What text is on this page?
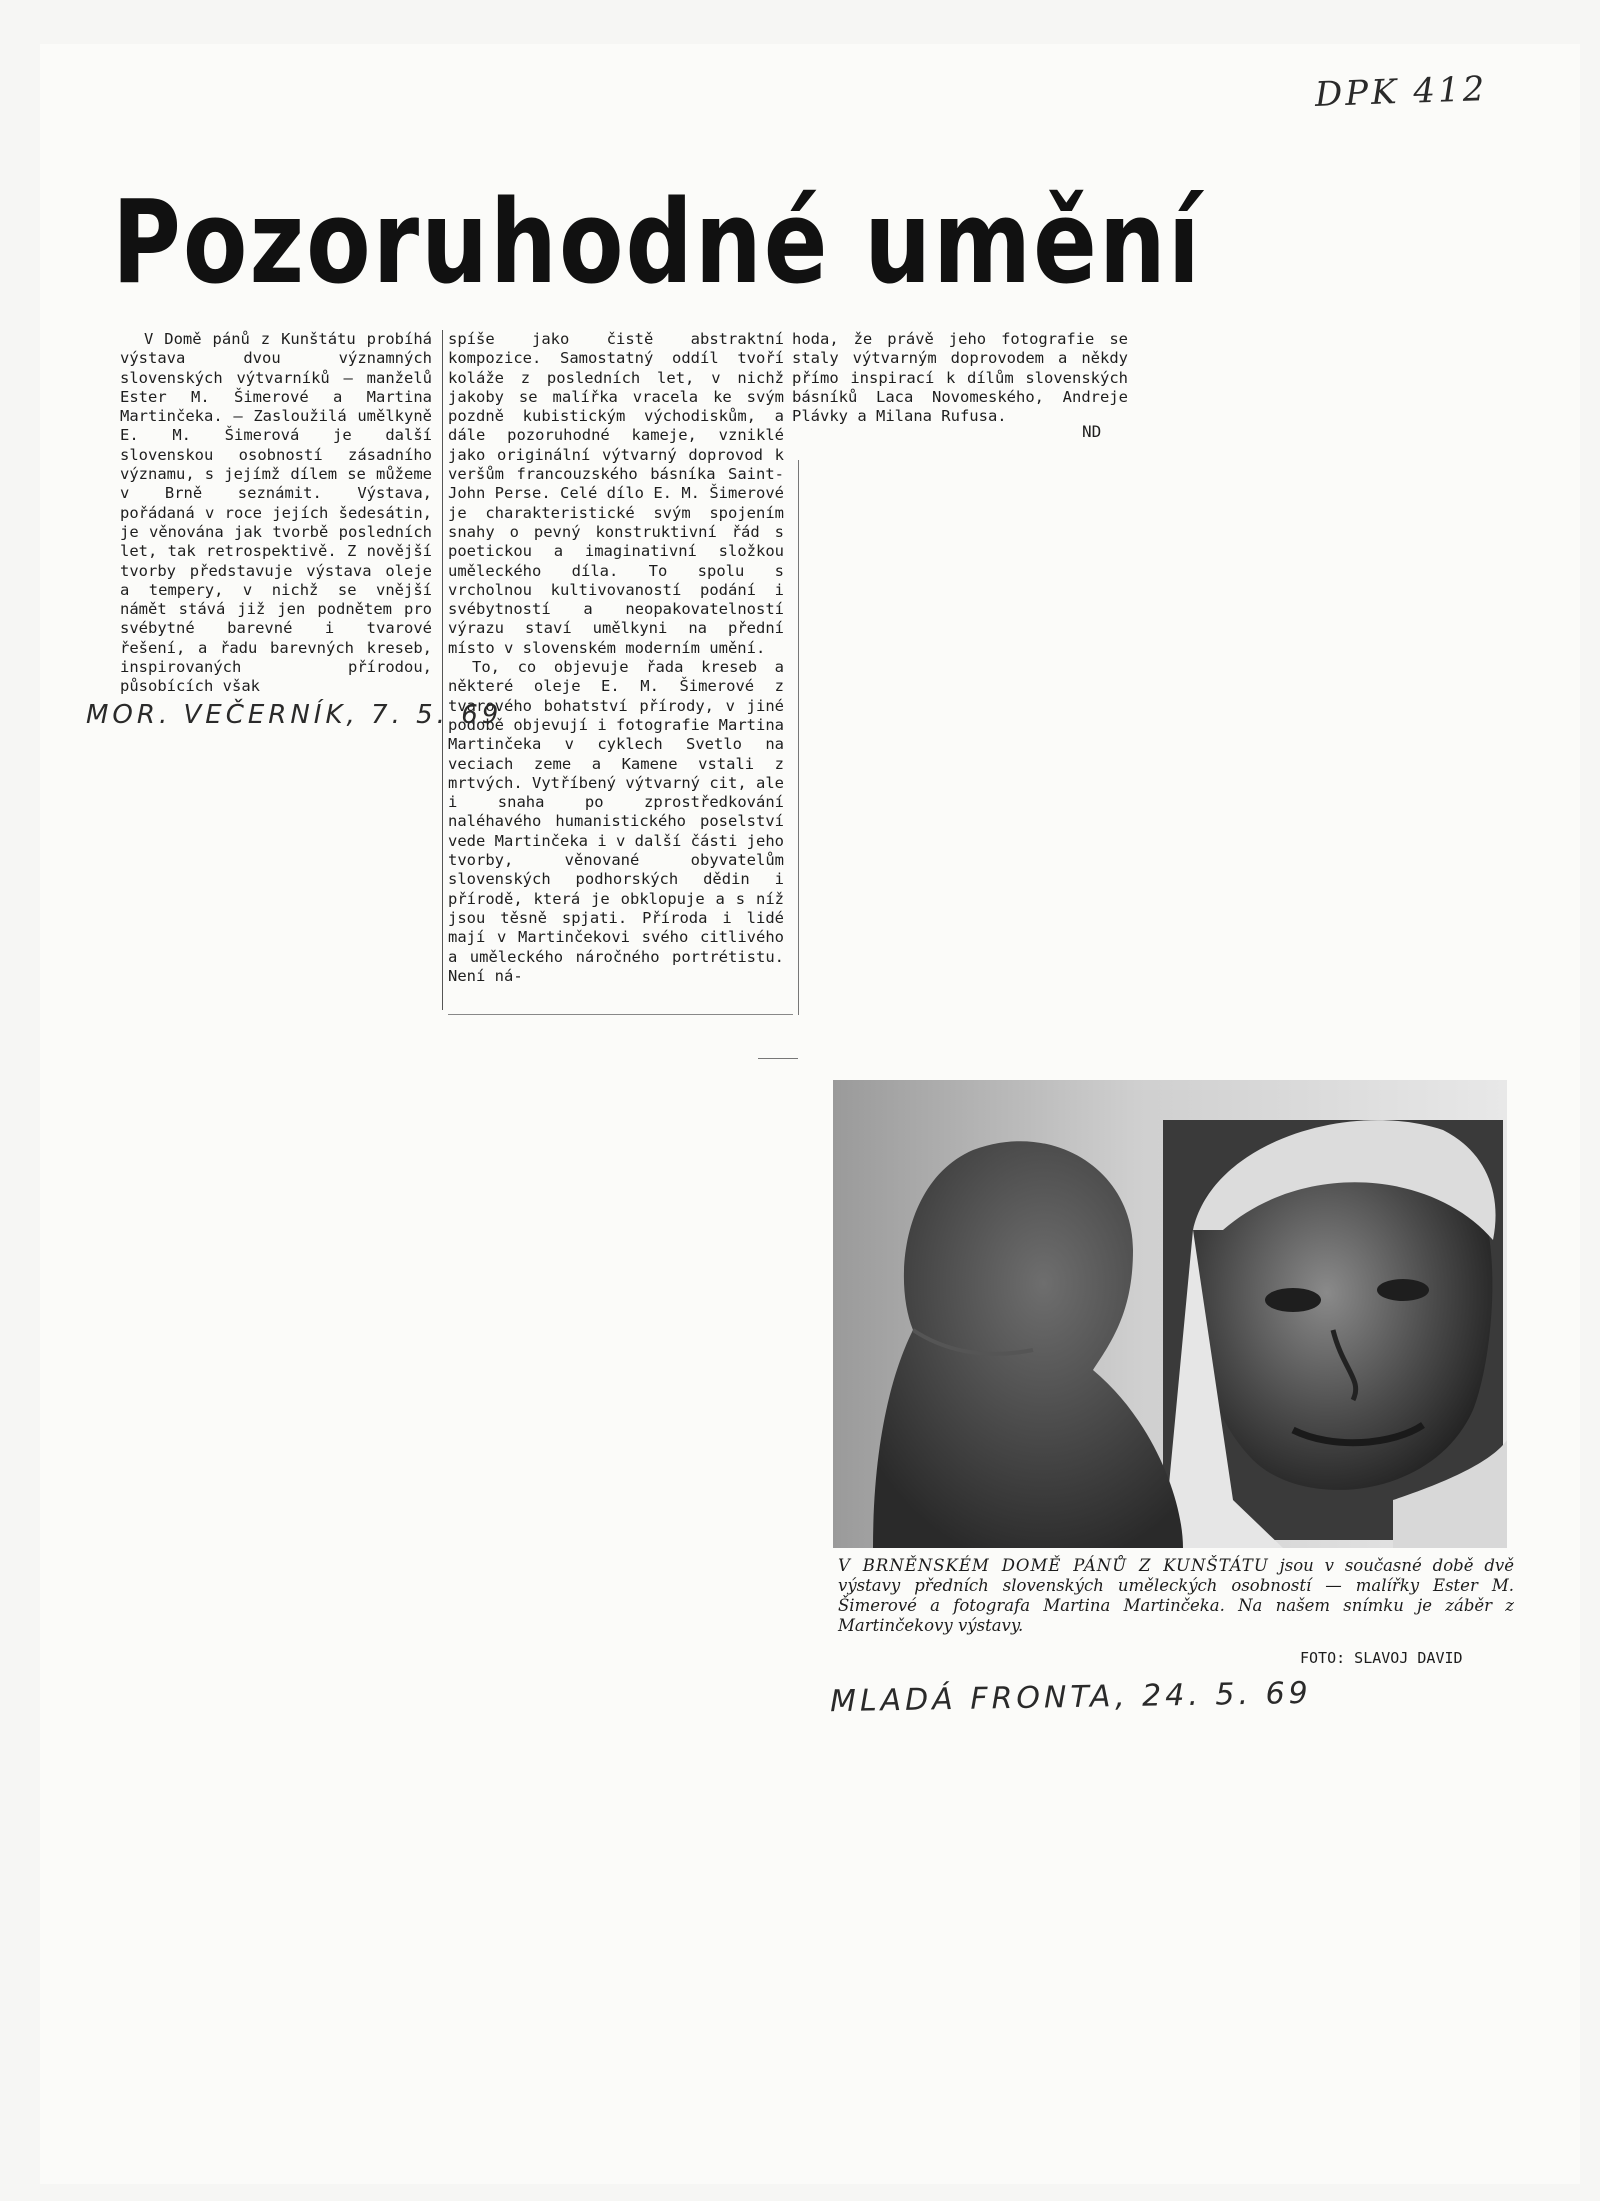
DPK 412
Pozoruhodné umění

V Domě pánů z Kunštátu probíhá výstava dvou významných slovenských výtvarníků — manželů Ester M. Šimerové a Martina Martinčeka. — Zasloužilá umělkyně E. M. Šimerová je další slovenskou osobností zásadního významu, s jejímž dílem se můžeme v Brně seznámit. Výstava, pořádaná v roce jejích šedesátin, je věnována jak tvorbě posledních let, tak retrospektivě. Z novější tvorby představuje výstava oleje a tempery, v nichž se vnější námět stává již jen podnětem pro svébytné barevné i tvarové řešení, a řadu barevných kreseb, inspirovaných přírodou, působících však

spíše jako čistě abstraktní kompozice. Samostatný oddíl tvoří koláže z posledních let, v nichž jakoby se malířka vracela ke svým pozdně kubistickým východiskům, a dále pozoruhodné kameje, vzniklé jako originální výtvarný doprovod k veršům francouzského básníka Saint-John Perse. Celé dílo E. M. Šimerové je charakteristické svým spojením snahy o pevný konstruktivní řád s poetickou a imaginativní složkou uměleckého díla. To spolu s vrcholnou kultivovaností podání i svébytností a neopakovatelností výrazu staví umělkyni na přední místo v slovenském moderním umění.

To, co objevuje řada kreseb a některé oleje E. M. Šimerové z tvarového bohatství přírody, v jiné podobě objevují i fotografie Martina Martinčeka v cyklech Svetlo na veciach zeme a Kamene vstali z mrtvých. Vytříbený výtvarný cit, ale i snaha po zprostředkování naléhavého humanistického poselství vede Martinčeka i v další části jeho tvorby, věnované obyvatelům slovenských podhorských dědin i přírodě, která je obklopuje a s níž jsou těsně spjati. Příroda i lidé mají v Martinčekovi svého citlivého a uměleckého náročného portrétistu. Není ná-

hoda, že právě jeho fotografie se staly výtvarným doprovodem a někdy přímo inspirací k dílům slovenských básníků Laca Novomeského, Andreje Plávky a Milana Rufusa.

ND
MOR. VEČERNÍK, 7. 5. 69
V BRNĚNSKÉM DOMĚ PÁNŮ Z KUNŠTÁTU jsou v současné době dvě výstavy předních slovenských uměleckých osobností — malířky Ester M. Šimerové a fotografa Martina Martinčeka. Na našem snímku je záběr z Martinčekovy výstavy.
FOTO: SLAVOJ DAVID
MLADÁ FRONTA, 24. 5. 69
